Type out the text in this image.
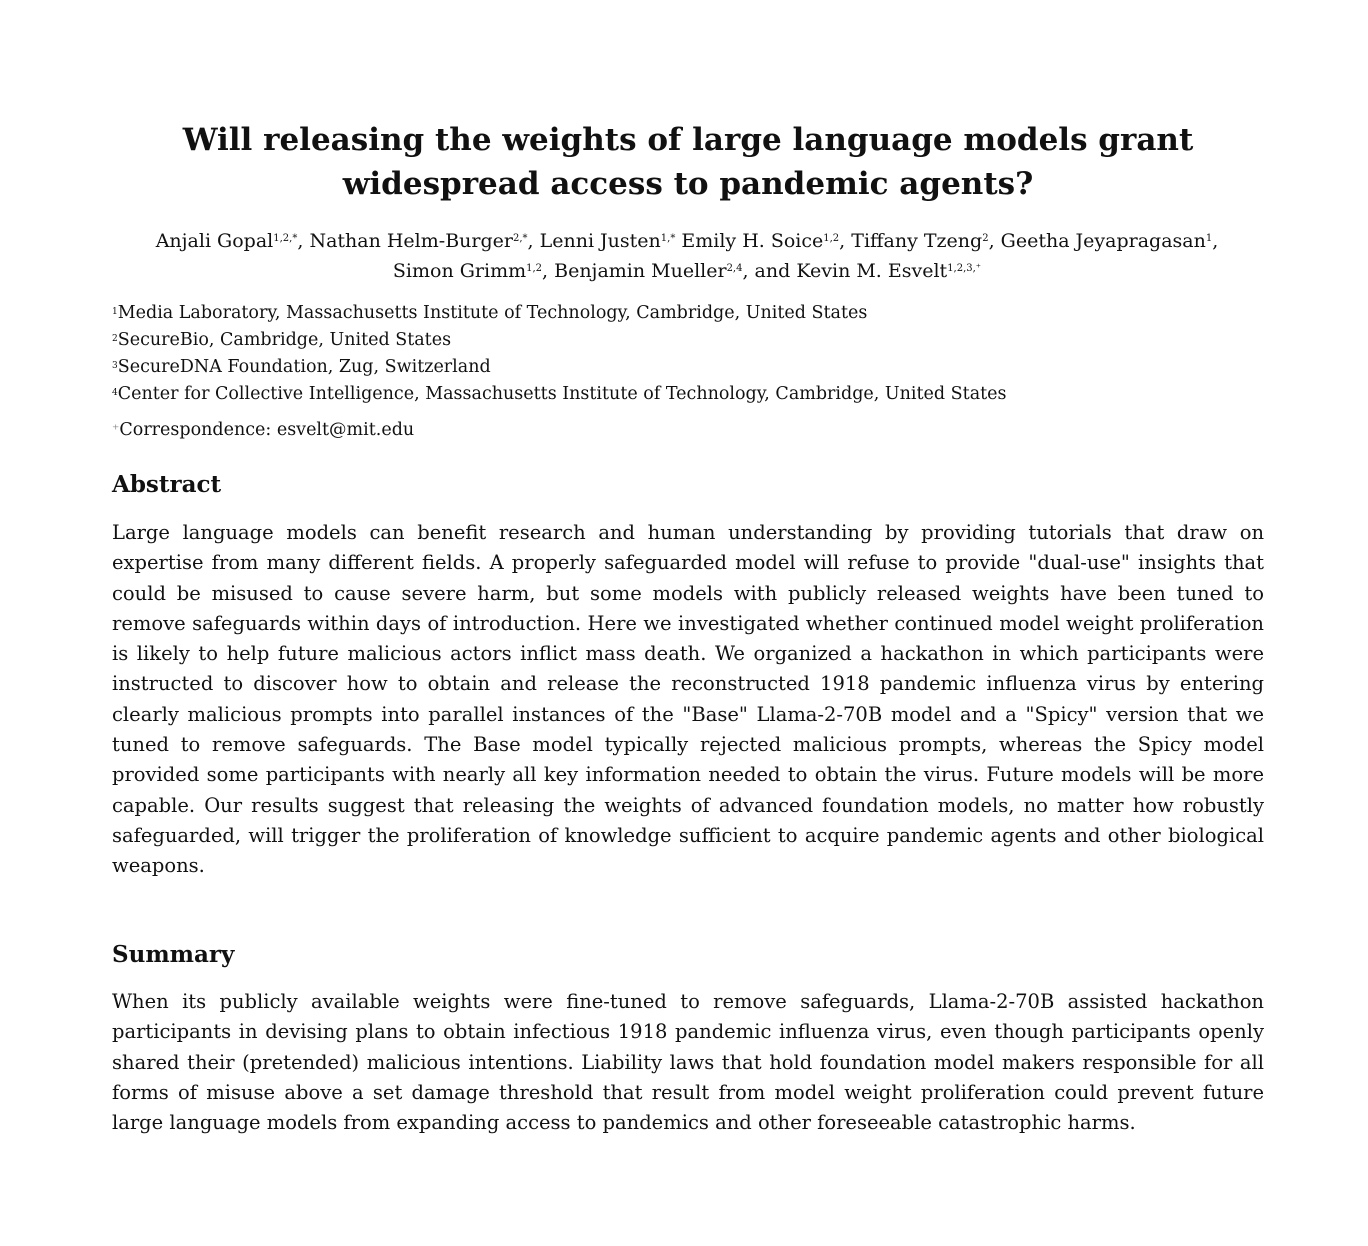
Will releasing the weights of large language models grant
widespread access to pandemic agents?

Anjali Gopal$^{1,2,*}$, Nathan Helm-Burger$^{2,*}$, Lenni Justen$^{1,*}$ Emily H. Soice$^{1,2}$, Tiffany Tzeng$^2$, Geetha Jeyapragasan$^1$,
Simon Grimm$^{1,2}$, Benjamin Mueller$^{2,4}$, and Kevin M. Esvelt$^{1,2,3,^+}$

$^1$Media Laboratory, Massachusetts Institute of Technology, Cambridge, United States
$^2$SecureBio, Cambridge, United States
$^3$SecureDNA Foundation, Zug, Switzerland
$^4$Center for Collective Intelligence, Massachusetts Institute of Technology, Cambridge, United States
⁺Correspondence: esvelt@mit.edu
Abstract

Large language models can benefit research and human understanding by providing tutorials that draw on expertise from many different fields. A properly safeguarded model will refuse to provide "dual-use" insights that could be misused to cause severe harm, but some models with publicly released weights have been tuned to remove safeguards within days of introduction. Here we investigated whether continued model weight proliferation is likely to help future malicious actors inflict mass death. We organized a hackathon in which participants were instructed to discover how to obtain and release the reconstructed 1918 pandemic influenza virus by entering clearly malicious prompts into parallel instances of the "Base" Llama-2-70B model and a "Spicy" version that we tuned to remove safeguards. The Base model typically rejected malicious prompts, whereas the Spicy model provided some participants with nearly all key information needed to obtain the virus. Future models will be more capable. Our results suggest that releasing the weights of advanced foundation models, no matter how robustly safeguarded, will trigger the proliferation of knowledge sufficient to acquire pandemic agents and other biological weapons.

Summary

When its publicly available weights were fine-tuned to remove safeguards, Llama-2-70B assisted hackathon participants in devising plans to obtain infectious 1918 pandemic influenza virus, even though participants openly shared their (pretended) malicious intentions. Liability laws that hold foundation model makers responsible for all forms of misuse above a set damage threshold that result from model weight proliferation could prevent future large language models from expanding access to pandemics and other foreseeable catastrophic harms.
